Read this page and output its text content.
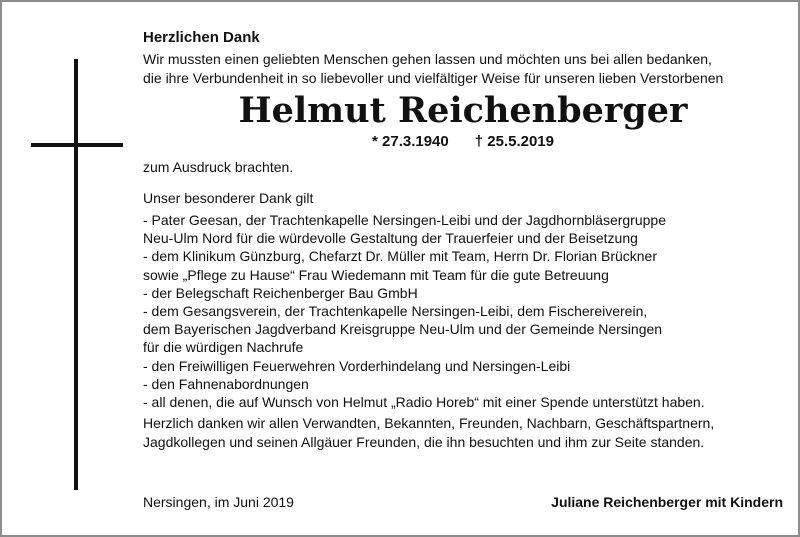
Herzlichen Dank
Wir mussten einen geliebten Menschen gehen lassen und möchten uns bei allen bedanken,
die ihre Verbundenheit in so liebevoller und vielfältiger Weise für unseren lieben Verstorbenen
Helmut Reichenberger
* 27.3.1940 † 25.5.2019
zum Ausdruck brachten.
Unser besonderer Dank gilt
- Pater Geesan, der Trachtenkapelle Nersingen-Leibi und der Jagdhornbläsergruppe
Neu-Ulm Nord für die würdevolle Gestaltung der Trauerfeier und der Beisetzung
- dem Klinikum Günzburg, Chefarzt Dr. Müller mit Team, Herrn Dr. Florian Brückner
sowie „Pflege zu Hause“ Frau Wiedemann mit Team für die gute Betreuung
- der Belegschaft Reichenberger Bau GmbH
- dem Gesangsverein, der Trachtenkapelle Nersingen-Leibi, dem Fischereiverein,
dem Bayerischen Jagdverband Kreisgruppe Neu-Ulm und der Gemeinde Nersingen
für die würdigen Nachrufe
- den Freiwilligen Feuerwehren Vorderhindelang und Nersingen-Leibi
- den Fahnenabordnungen
- all denen, die auf Wunsch von Helmut „Radio Horeb“ mit einer Spende unterstützt haben.
Herzlich danken wir allen Verwandten, Bekannten, Freunden, Nachbarn, Geschäftspartnern,
Jagdkollegen und seinen Allgäuer Freunden, die ihn besuchten und ihm zur Seite standen.
Nersingen, im Juni 2019	Juliane Reichenberger mit Kindern
